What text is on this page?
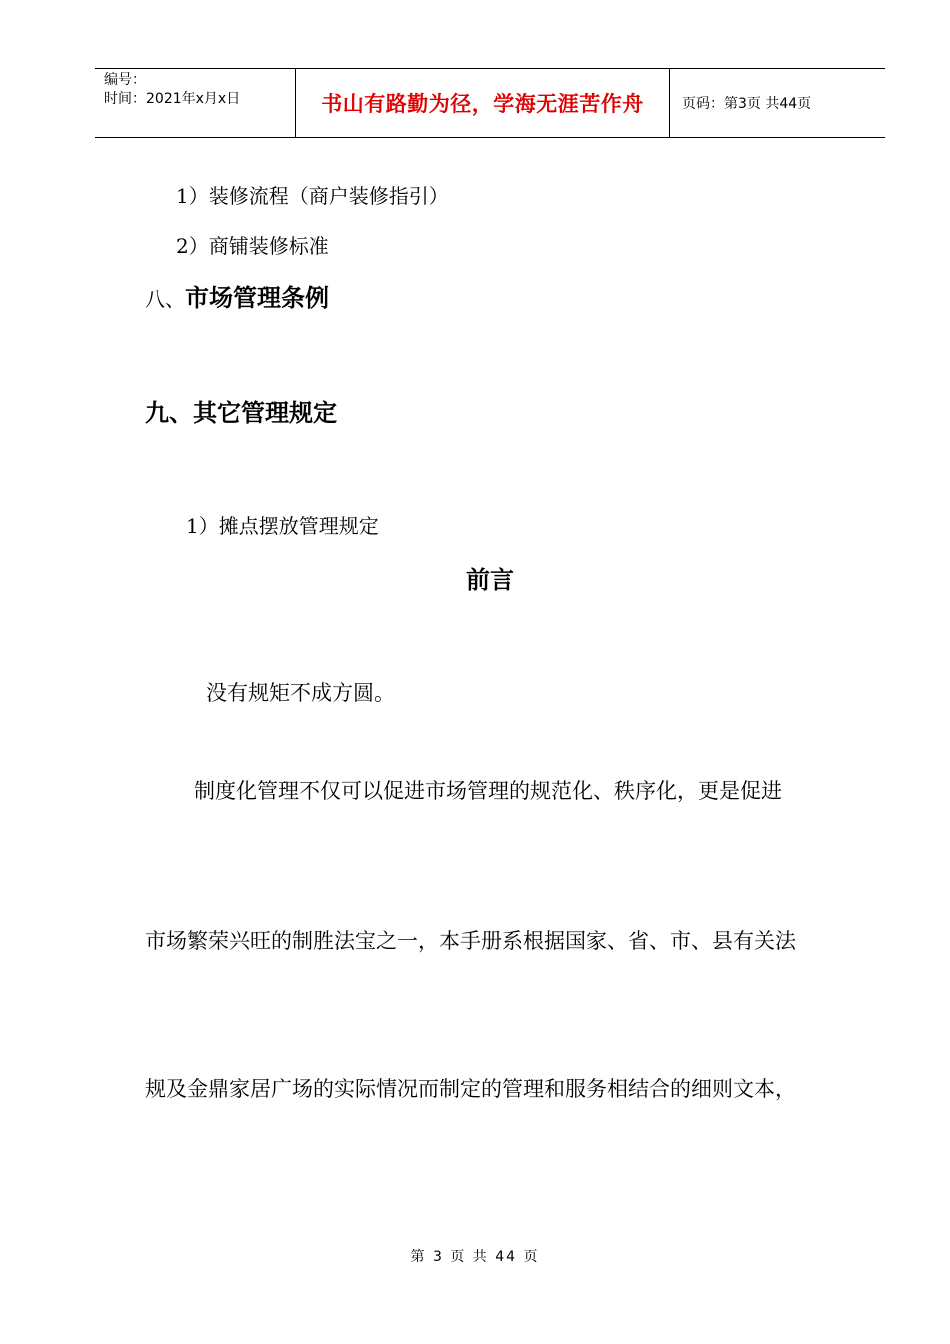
编号：
时间：2021年x月x日	书山有路勤为径，学海无涯苦作舟	页码：第3页 共44页
1）装修流程（商户装修指引）
2）商铺装修标准
八、市场管理条例
九、其它管理规定
1）摊点摆放管理规定
前言
没有规矩不成方圆。
制度化管理不仅可以促进市场管理的规范化、秩序化，更是促进
市场繁荣兴旺的制胜法宝之一，本手册系根据国家、省、市、县有关法
规及金鼎家居广场的实际情况而制定的管理和服务相结合的细则文本，
第 3 页 共 44 页
